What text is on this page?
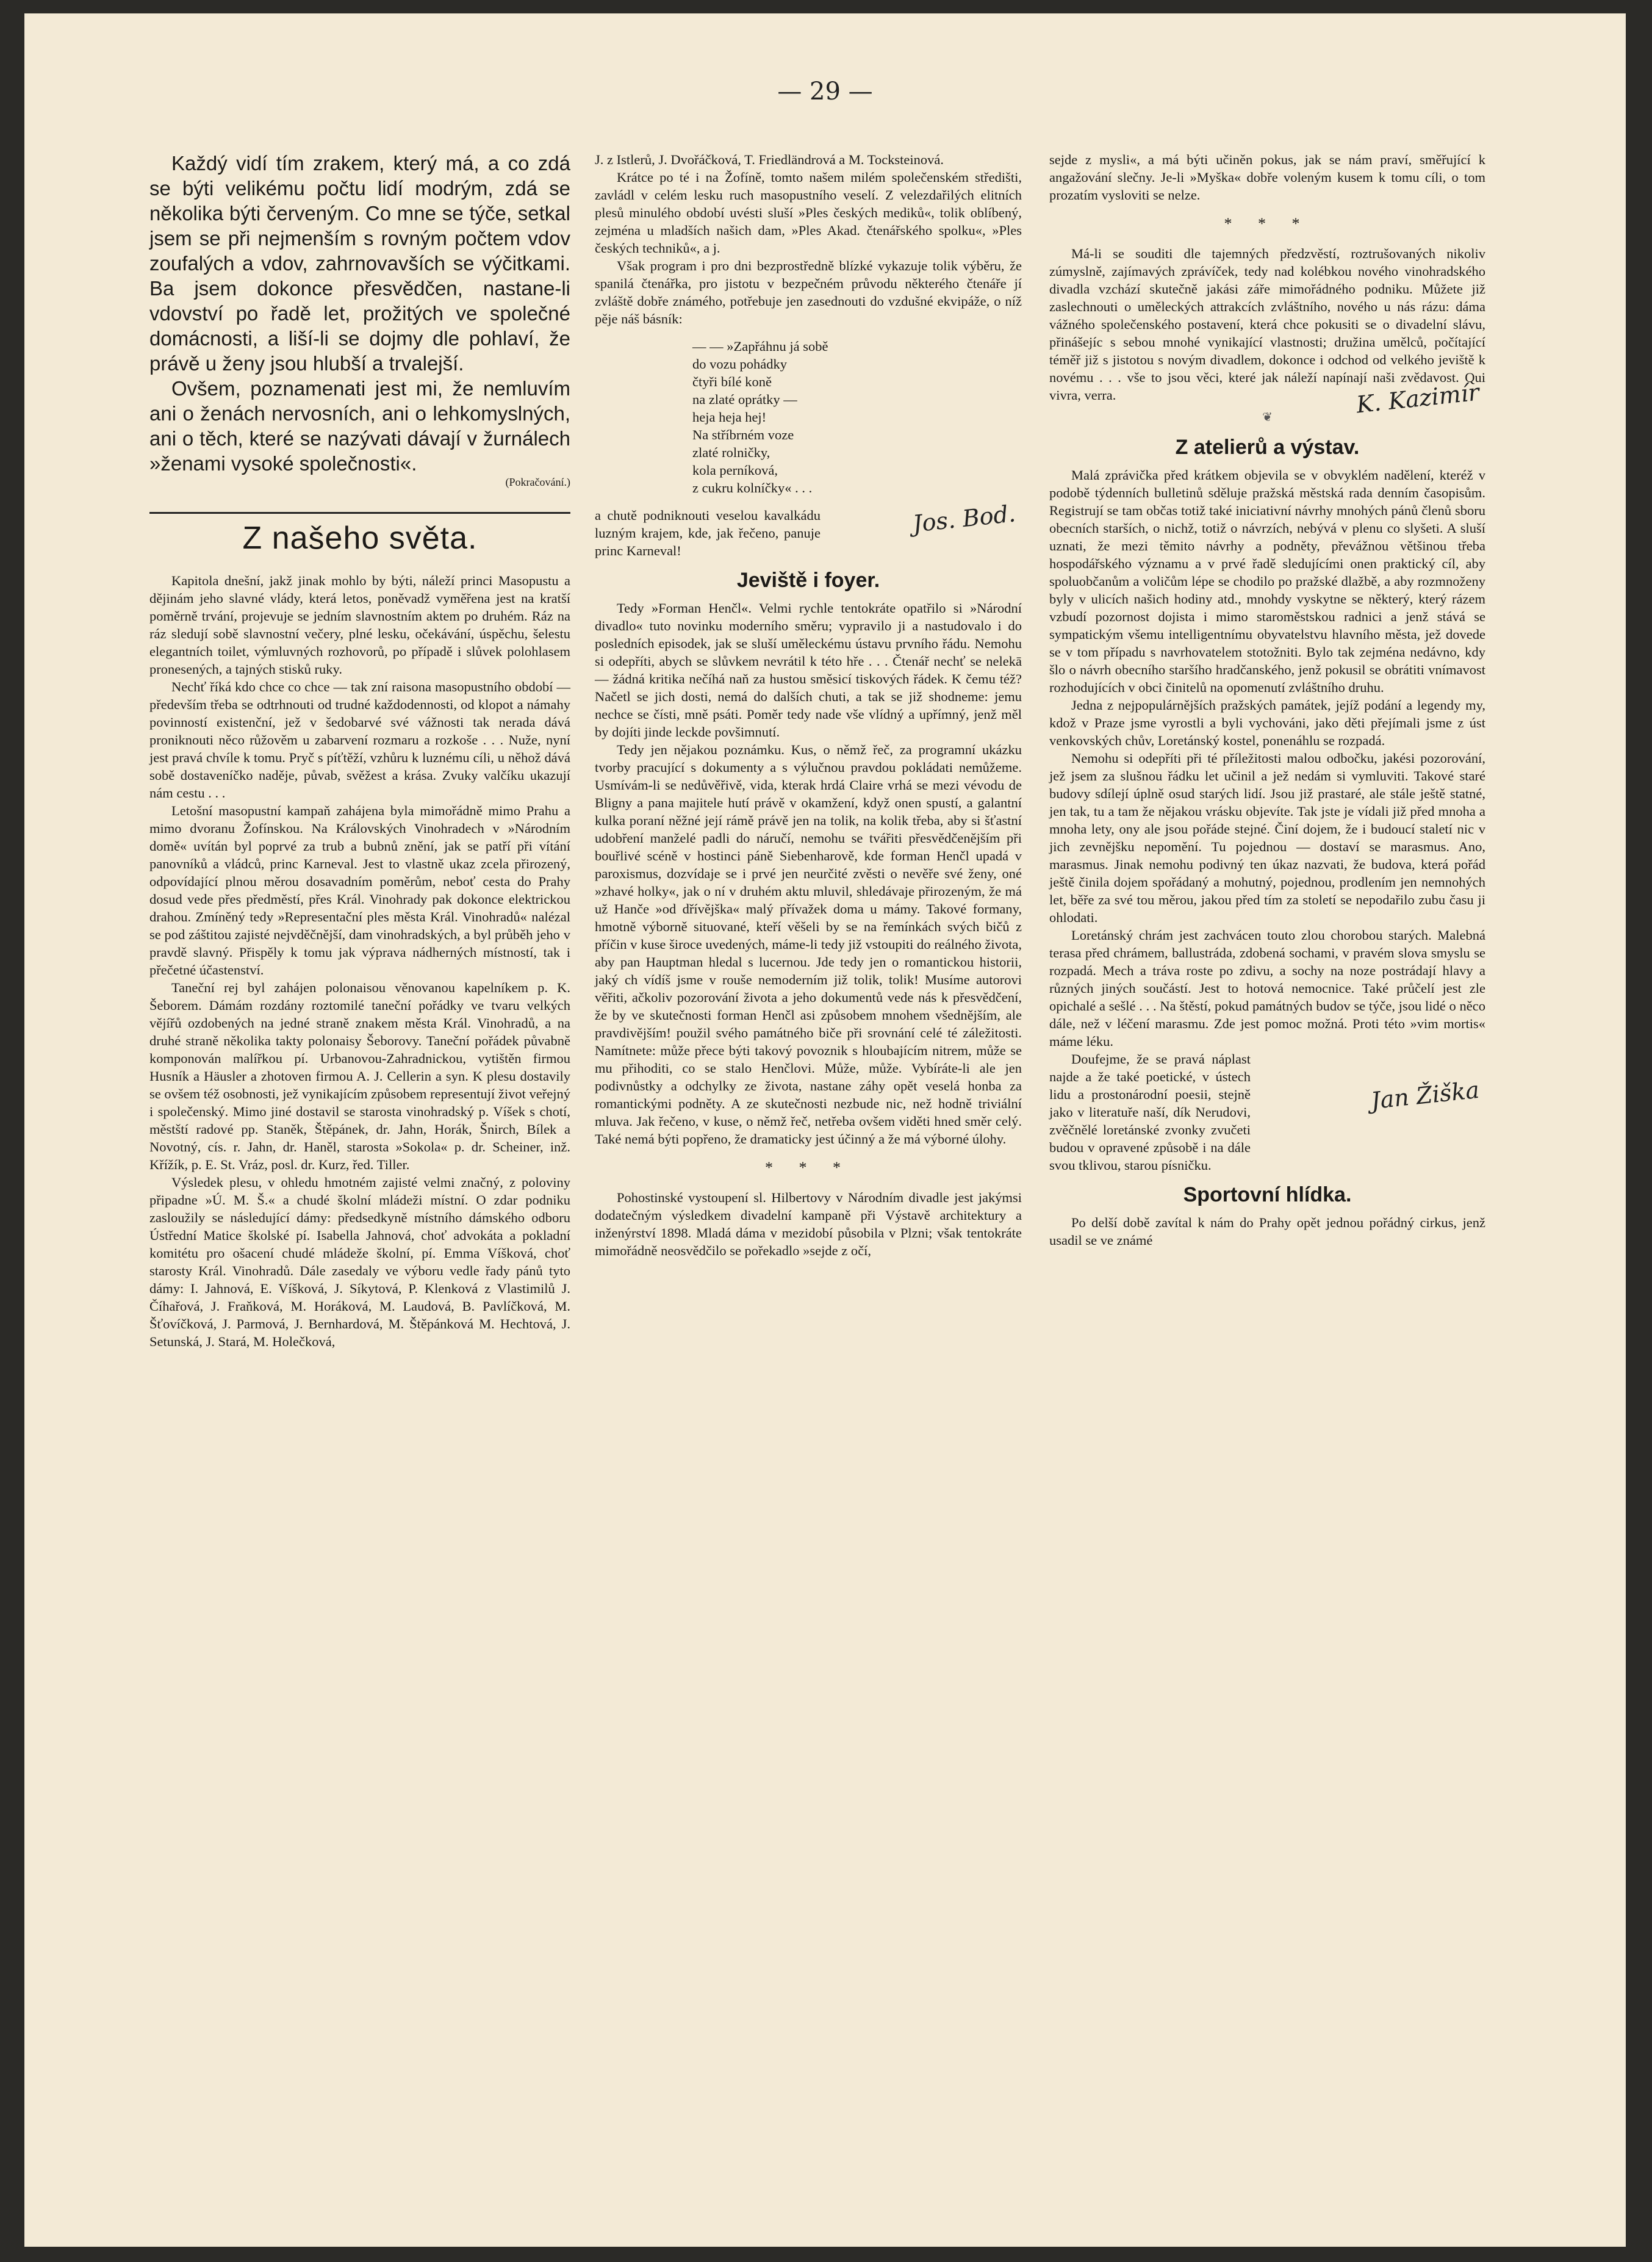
— 29 —

Každý vidí tím zrakem, který má, a co zdá se býti velikému počtu lidí modrým, zdá se několika býti červeným. Co mne se týče, setkal jsem se při nejmenším s rovným počtem vdov zoufalých a vdov, zahrnovavších se výčitkami. Ba jsem dokonce přesvědčen, nastane-li vdovství po řadě let, prožitých ve společné domácnosti, a liší-li se dojmy dle pohlaví, že právě u ženy jsou hlubší a trvalejší.

Ovšem, poznamenati jest mi, že nemluvím ani o ženách nervosních, ani o lehkomyslných, ani o těch, které se nazývati dávají v žurnálech »ženami vysoké společnosti«.

(Pokračování.)
Z našeho světa.

Kapitola dnešní, jakž jinak mohlo by býti, náleží princi Masopustu a dějinám jeho slavné vlády, která letos, poněvadž vyměřena jest na kratší poměrně trvání, projevuje se jedním slavnostním aktem po druhém. Ráz na ráz sledují sobě slavnostní večery, plné lesku, očekávání, úspěchu, šelestu elegantních toilet, výmluvných rozhovorů, po případě i slůvek polohlasem pronesených, a tajných stisků ruky.

Nechť říká kdo chce co chce — tak zní raisona masopustního období — především třeba se odtrhnouti od trudné každodennosti, od klopot a námahy povinností existenční, jež v šedobarvé své vážnosti tak nerada dává proniknouti něco růžověm u zabarvení rozmaru a rozkoše . . . Nuže, nyní jest pravá chvíle k tomu. Pryč s píťtěží, vzhůru k luznému cíli, u něhož dává sobě dostaveníčko naděje, půvab, svěžest a krása. Zvuky valčíku ukazují nám cestu . . .

Letošní masopustní kampaň zahájena byla mimořádně mimo Prahu a mimo dvoranu Žofínskou. Na Královských Vinohradech v »Národním domě« uvítán byl poprvé za trub a bubnů znění, jak se patří při vítání panovníků a vládců, princ Karneval. Jest to vlastně ukaz zcela přirozený, odpovídající plnou měrou dosavadním poměrům, neboť cesta do Prahy dosud vede přes předměstí, přes Král. Vinohrady pak dokonce elektrickou drahou. Zmíněný tedy »Representační ples města Král. Vinohradů« nalézal se pod záštitou zajisté nejvděčnější, dam vinohradských, a byl průběh jeho v pravdě slavný. Přispěly k tomu jak výprava nádherných místností, tak i přečetné účastenství.

Taneční rej byl zahájen polonaisou věnovanou kapelníkem p. K. Šeborem. Dámám rozdány roztomilé taneční pořádky ve tvaru velkých vějířů ozdobených na jedné straně znakem města Král. Vinohradů, a na druhé straně několika takty polonaisy Šeborovy. Taneční pořádek půvabně komponován malířkou pí. Urbanovou-Zahradnickou, vytištěn firmou Husník a Häusler a zhotoven firmou A. J. Cellerin a syn. K plesu dostavily se ovšem též osobnosti, jež vynikajícím způsobem representují život veřejný i společenský. Mimo jiné dostavil se starosta vinohradský p. Víšek s chotí, městští radové pp. Staněk, Štěpánek, dr. Jahn, Horák, Šnirch, Bílek a Novotný, cís. r. Jahn, dr. Haněl, starosta »Sokola« p. dr. Scheiner, inž. Křížík, p. E. St. Vráz, posl. dr. Kurz, řed. Tiller.

Výsledek plesu, v ohledu hmotném zajisté velmi značný, z poloviny připadne »Ú. M. Š.« a chudé školní mládeži místní. O zdar podniku zasloužily se následující dámy: předsedkyně místního dámského odboru Ústřední Matice školské pí. Isabella Jahnová, choť advokáta a pokladní komitétu pro ošacení chudé mládeže školní, pí. Emma Víšková, choť starosty Král. Vinohradů. Dále zasedaly ve výboru vedle řady pánů tyto dámy: I. Jahnová, E. Víšková, J. Síkytová, P. Klenková z Vlastimilů J. Číhařová, J. Fraňková, M. Horáková, M. Laudová, B. Pavlíčková, M. Šťovíčková, J. Parmová, J. Bernhardová, M. Štěpánková M. Hechtová, J. Setunská, J. Stará, M. Holečková,

J. z Istlerů, J. Dvořáčková, T. Friedländrová a M. Tocksteinová.

Krátce po té i na Žofíně, tomto našem milém společenském středišti, zavládl v celém lesku ruch masopustního veselí. Z velezdařilých elitních plesů minulého období uvésti sluší »Ples českých mediků«, tolik oblíbený, zejména u mladších našich dam, »Ples Akad. čtenářského spolku«, »Ples českých techniků«, a j.

Však program i pro dni bezprostředně blízké vykazuje tolik výběru, že spanilá čtenářka, pro jistotu v bezpečném průvodu některého čtenáře jí zvláště dobře známého, potřebuje jen zasednouti do vzdušné ekvipáže, o níž pěje náš básník:

— — »Zapřáhnu já sobě
do vozu pohádky
čtyři bílé koně
na zlaté oprátky —
heja heja hej!
Na stříbrném voze
zlaté rolničky,
kola perníková,
z cukru kolníčky« . . .

a chutě podniknouti veselou kavalkádu luzným krajem, kde, jak řečeno, panuje princ Karneval!

Jos. Bod.
Jeviště i foyer.

Tedy »Forman Henčl«. Velmi rychle tentokráte opatřilo si »Národní divadlo« tuto novinku moderního směru; vypravilo ji a nastudovalo i do posledních episodek, jak se sluší uměleckému ústavu prvního řádu. Nemohu si odepříti, abych se slůvkem nevrátil k této hře . . . Čtenář nechť se nelekā — žádná kritika nečíhá naň za hustou směsicí tiskových řádek. K čemu též? Načetl se jich dosti, nemá do dalších chuti, a tak se již shodneme: jemu nechce se čísti, mně psáti. Poměr tedy nade vše vlídný a upřímný, jenž měl by dojíti jinde leckde povšimnutí.

Tedy jen nějakou poznámku. Kus, o němž řeč, za programní ukázku tvorby pracující s dokumenty a s výlučnou pravdou pokládati nemůžeme. Usmívám-li se nedůvěřivě, vida, kterak hrdá Claire vrhá se mezi vévodu de Bligny a pana majitele hutí právě v okamžení, když onen spustí, a galantní kulka poraní něžné její rámě právě jen na tolik, na kolik třeba, aby si šťastní udobření manželé padli do náručí, nemohu se tvářiti přesvědčenějším při bouřlivé scéně v hostinci páně Siebenharově, kde forman Henčl upadá v paroxismus, dozvídaje se i prvé jen neurčité zvěsti o nevěře své ženy, oné »zhavé holky«, jak o ní v druhém aktu mluvil, shledávaje přirozeným, že má už Hanče »od dřívějška« malý přívažek doma u mámy. Takové formany, hmotně výborně situované, kteří věšeli by se na řemínkách svých bičů z příčin v kuse široce uvedených, máme-li tedy již vstoupiti do reálného života, aby pan Hauptman hledal s lucernou. Jde tedy jen o romantickou historii, jaký ch vídíš jsme v rouše nemoderním již tolik, tolik! Musíme autorovi věřiti, ačkoliv pozorování života a jeho dokumentů vede nás k přesvědčení, že by ve skutečnosti forman Henčl asi způsobem mnohem všednějším, ale pravdivějším! použil svého památného biče při srovnání celé té záležitosti. Namítnete: může přece býti takový povoznik s hloubajícím nitrem, může se mu přihoditi, co se stalo Henčlovi. Může, může. Vybíráte-li ale jen podivnůstky a odchylky ze života, nastane záhy opět veselá honba za romantickými podněty. A ze skutečnosti nezbude nic, než hodně triviální mluva. Jak řečeno, v kuse, o němž řeč, netřeba ovšem viděti hned směr celý. Také nemá býti popřeno, že dramaticky jest účinný a že má výborné úlohy.

* * *

Pohostinské vystoupení sl. Hilbertovy v Národním divadle jest jakýmsi dodatečným výsledkem divadelní kampaně při Výstavě architektury a inženýrství 1898. Mladá dáma v mezidobí působila v Plzni; však tentokráte mimořádně neosvědčilo se pořekadlo »sejde z očí,

sejde z mysli«, a má býti učiněn pokus, jak se nám praví, směřující k angažování slečny. Je-li »Myška« dobře voleným kusem k tomu cíli, o tom prozatím vysloviti se nelze.

* * *

Má-li se souditi dle tajemných předzvěstí, roztrušovaných nikoliv zúmyslně, zajímavých zprávíček, tedy nad kolébkou nového vinohradského divadla vzchází skutečně jakási záře mimořádného podniku. Můžete již zaslechnouti o uměleckých attrakcích zvláštního, nového u nás rázu: dáma vážného společenského postavení, která chce pokusiti se o divadelní slávu, přinášejíc s sebou mnohé vynikající vlastnosti; družina umělců, počítající téměř již s jistotou s novým divadlem, dokonce i odchod od velkého jeviště k novému . . . vše to jsou věci, které jak náleží napínají naši zvědavost. Qui vivra, verra.	K. Kazimír
❦
Z atelierů a výstav.

Malá zprávička před krátkem objevila se v obvyklém nadělení, kteréž v podobě týdenních bulletinů sděluje pražská městská rada denním časopisům. Registrují se tam občas totiž také iniciativní návrhy mnohých pánů členů sboru obecních starších, o nichž, totiž o návrzích, nebývá v plenu co slyšeti. A sluší uznati, že mezi těmito návrhy a podněty, převážnou většinou třeba hospodářského významu a v prvé řadě sledujícími onen praktický cíl, aby spoluobčanům a voličům lépe se chodilo po pražské dlažbě, a aby rozmnoženy byly v ulicích našich hodiny atd., mnohdy vyskytne se některý, který rázem vzbudí pozornost dojista i mimo staroměstskou radnici a jenž stává se sympatickým všemu intelligentnímu obyvatelstvu hlavního města, jež dovede se v tom případu s navrhovatelem stotožniti. Bylo tak zejména nedávno, kdy šlo o návrh obecního staršího hradčanského, jenž pokusil se obrátiti vnímavost rozhodujících v obci činitelů na opomenutí zvláštního druhu.

Jedna z nejpopulárnějších pražských památek, jejíž podání a legendy my, kdož v Praze jsme vyrostli a byli vychováni, jako děti přejímali jsme z úst venkovských chův, Loretánský kostel, ponenáhlu se rozpadá.

Nemohu si odepříti při té příležitosti malou odbočku, jakési pozorování, jež jsem za slušnou řádku let učinil a jež nedám si vymluviti. Takové staré budovy sdílejí úplně osud starých lidí. Jsou již prastaré, ale stále ještě statné, jen tak, tu a tam že nějakou vrásku objevíte. Tak jste je vídali již před mnoha a mnoha lety, ony ale jsou pořáde stejné. Činí dojem, že i budoucí staletí nic v jich zevnějšku nepomění. Tu pojednou — dostaví se marasmus. Ano, marasmus. Jinak nemohu podivný ten úkaz nazvati, že budova, která pořád ještě činila dojem spořádaný a mohutný, pojednou, prodlením jen nemnohých let, běře za své tou měrou, jakou před tím za století se nepodařilo zubu času ji ohlodati.

Loretánský chrám jest zachvácen touto zlou chorobou starých. Malebná terasa před chrámem, ballustráda, zdobená sochami, v pravém slova smyslu se rozpadá. Mech a tráva roste po zdivu, a sochy na noze postrádají hlavy a různých jiných součástí. Jest to hotová nemocnice. Také průčelí jest zle opichalé a sešlé . . . Na štěstí, pokud památných budov se týče, jsou lidé o něco dále, než v léčení marasmu. Zde jest pomoc možná. Proti této »vim mortis« máme léku.

Doufejme, že se pravá náplast najde a že také poetické, v ústech lidu a prostonárodní poesii, stejně jako v literatuře naší, dík Nerudovi, zvěčnělé loretánské zvonky zvučeti budou v opravené způsobě i na dále svou tklivou, starou písničku.

Jan Žiška
Sportovní hlídka.

Po delší době zavítal k nám do Prahy opět jednou pořádný cirkus, jenž usadil se ve známé
